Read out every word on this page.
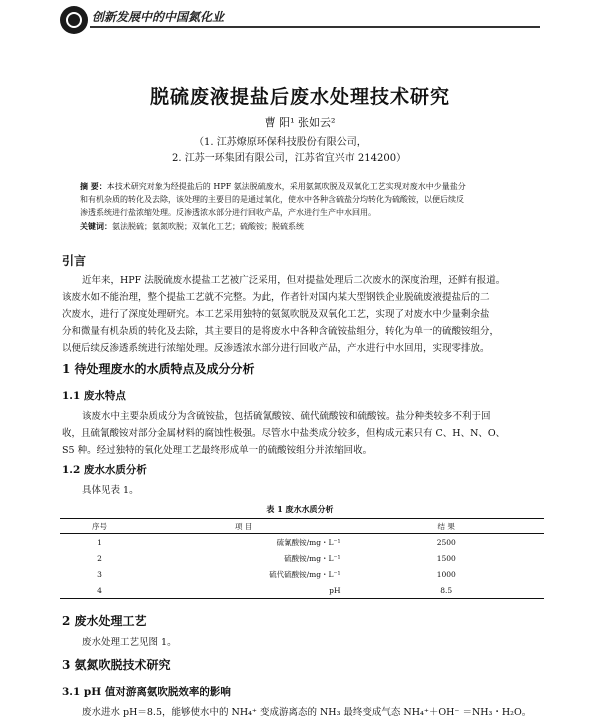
创新发展中的中国氮化业
脱硫废液提盐后废水处理技术研究
曹 阳¹ 张如云²
（1. 江苏燎原环保科技股份有限公司，
2. 江苏一环集团有限公司，江苏省宜兴市 214200）
摘 要：本技术研究对象为经提盐后的 HPF 氨法脱硫废水，采用氨氮吹脱及双氧化工艺实现对废水中少量盐分
和有机杂质的转化及去除，该处理的主要目的是通过氧化，使水中各种含硫盐分均转化为硫酸铵，以便后续反
渗透系统进行盐浓缩处理。反渗透浓水部分进行回收产品，产水进行生产中水回用。
关键词：氨法脱硫；氨氮吹脱；双氧化工艺；硫酸铵；脱硫系统
引言
近年来，HPF 法脱硫废水提盐工艺被广泛采用，但对提盐处理后二次废水的深度治理，还鲜有报道。
该废水如不能治理，整个提盐工艺就不完整。为此，作者针对国内某大型钢铁企业脱硫废液提盐后的二
次废水，进行了深度处理研究。本工艺采用独特的氨氮吹脱及双氧化工艺，实现了对废水中少量剩余盐
分和微量有机杂质的转化及去除，其主要目的是将废水中各种含硫铵盐组分，转化为单一的硫酸铵组分，
以便后续反渗透系统进行浓缩处理。反渗透浓水部分进行回收产品，产水进行中水回用，实现零排放。
1 待处理废水的水质特点及成分分析
1.1 废水特点
该废水中主要杂质成分为含硫铵盐，包括硫氰酸铵、硫代硫酸铵和硫酸铵。盐分种类较多不利于回
收，且硫氰酸铵对部分金属材料的腐蚀性极强。尽管水中盐类成分较多，但构成元素只有 C、H、N、O、
S5 种。经过独特的氧化处理工艺最终形成单一的硫酸铵组分并浓缩回收。
1.2 废水水质分析
具体见表 1。
表 1 废水水质分析
序号	项 目	结 果
1	硫氰酸铵/mg・L⁻¹	2500
2	硫酸铵/mg・L⁻¹	1500
3	硫代硫酸铵/mg・L⁻¹	1000
4	pH	8.5
2 废水处理工艺
废水处理工艺见图 1。
3 氨氮吹脱技术研究
3.1 pH 值对游离氨吹脱效率的影响
废水进水 pH＝8.5，能够使水中的 NH₄⁺ 变成游离态的 NH₃ 最终变成气态 NH₄⁺＋OH⁻ ＝NH₃・H₂O。
